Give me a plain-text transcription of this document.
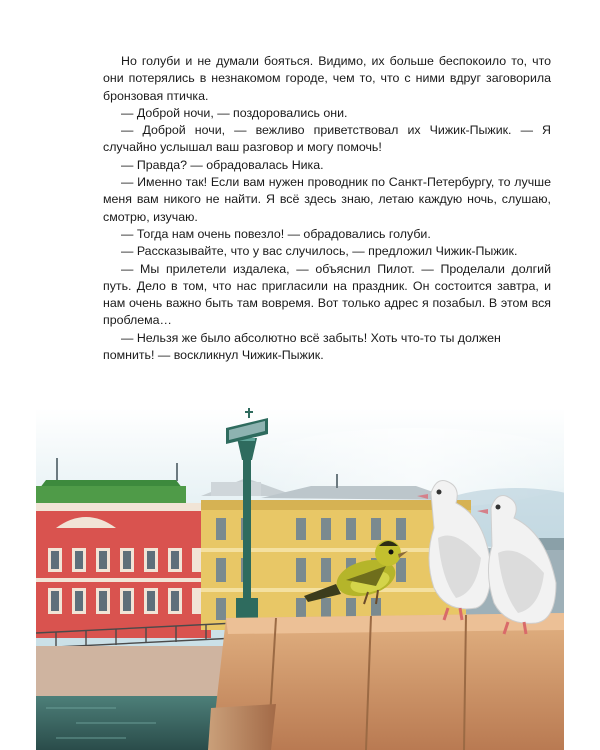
Но голуби и не думали бояться. Видимо, их больше беспокоило то, что они потерялись в незнакомом городе, чем то, что с ними вдруг заговорила бронзовая птичка.

— Доброй ночи, — поздоровались они.

— Доброй ночи, — вежливо приветствовал их Чижик-Пыжик. — Я случайно услышал ваш разговор и могу помочь!

— Правда? — обрадовалась Ника.

— Именно так! Если вам нужен проводник по Санкт-Петербургу, то лучше меня вам никого не найти. Я всё здесь знаю, летаю каждую ночь, слушаю, смотрю, изучаю.

— Тогда нам очень повезло! — обрадовались голуби.

— Рассказывайте, что у вас случилось, — предложил Чижик-Пыжик.

— Мы прилетели издалека, — объяснил Пилот. — Проделали долгий путь. Дело в том, что нас пригласили на праздник. Он состоится завтра, и нам очень важно быть там вовремя. Вот только адрес я позабыл. В этом вся проблема…

— Нельзя же было абсолютно всё забыть! Хоть что-то ты должен помнить! — воскликнул Чижик-Пыжик.
